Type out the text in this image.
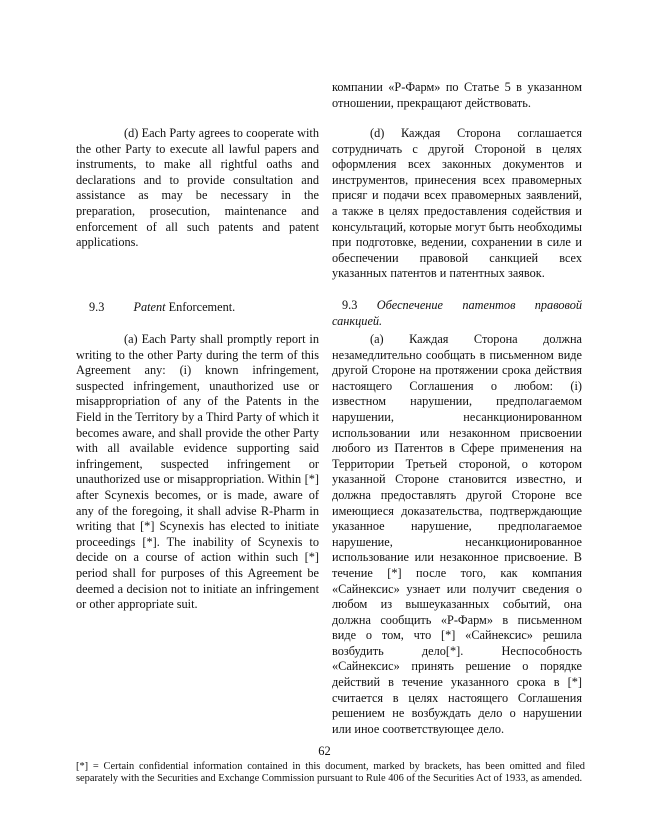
компании «Р-Фарм» по Статье 5 в указанном отношении, прекращают действовать.

(d) Each Party agrees to cooperate with the other Party to execute all lawful papers and instruments, to make all rightful oaths and declarations and to provide consultation and assistance as may be necessary in the preparation, prosecution, maintenance and enforcement of all such patents and patent applications.

(d) Каждая Сторона соглашается сотрудничать с другой Стороной в целях оформления всех законных документов и инструментов, принесения всех правомерных присяг и подачи всех правомерных заявлений, а также в целях предоставления содействия и консультаций, которые могут быть необходимы при подготовке, ведении, сохранении в силе и обеспечении правовой санкцией всех указанных патентов и патентных заявок.

9.3 Patent Enforcement.	9.3 Обеспечение патентов правовой санкцией.

(a) Each Party shall promptly report in writing to the other Party during the term of this Agreement any: (i) known infringement, suspected infringement, unauthorized use or misappropriation of any of the Patents in the Field in the Territory by a Third Party of which it becomes aware, and shall provide the other Party with all available evidence supporting said infringement, suspected infringement or unauthorized use or misappropriation. Within [*] after Scynexis becomes, or is made, aware of any of the foregoing, it shall advise R-Pharm in writing that [*] Scynexis has elected to initiate proceedings [*]. The inability of Scynexis to decide on a course of action within such [*] period shall for purposes of this Agreement be deemed a decision not to initiate an infringement or other appropriate suit.

(a) Каждая Сторона должна незамедлительно сообщать в письменном виде другой Стороне на протяжении срока действия настоящего Соглашения о любом: (i) известном нарушении, предполагаемом нарушении, несанкционированном использовании или незаконном присвоении любого из Патентов в Сфере применения на Территории Третьей стороной, о котором указанной Стороне становится известно, и должна предоставлять другой Стороне все имеющиеся доказательства, подтверждающие указанное нарушение, предполагаемое нарушение, несанкционированное использование или незаконное присвоение. В течение [*] после того, как компания «Сайнексис» узнает или получит сведения о любом из вышеуказанных событий, она должна сообщить «Р-Фарм» в письменном виде о том, что [*] «Сайнексис» решила возбудить дело[*]. Неспособность «Сайнексис» принять решение о порядке действий в течение указанного срока в [*] считается в целях настоящего Соглашения решением не возбуждать дело о нарушении или иное соответствующее дело.

62

[*] = Certain confidential information contained in this document, marked by brackets, has been omitted and filed separately with the Securities and Exchange Commission pursuant to Rule 406 of the Securities Act of 1933, as amended.
